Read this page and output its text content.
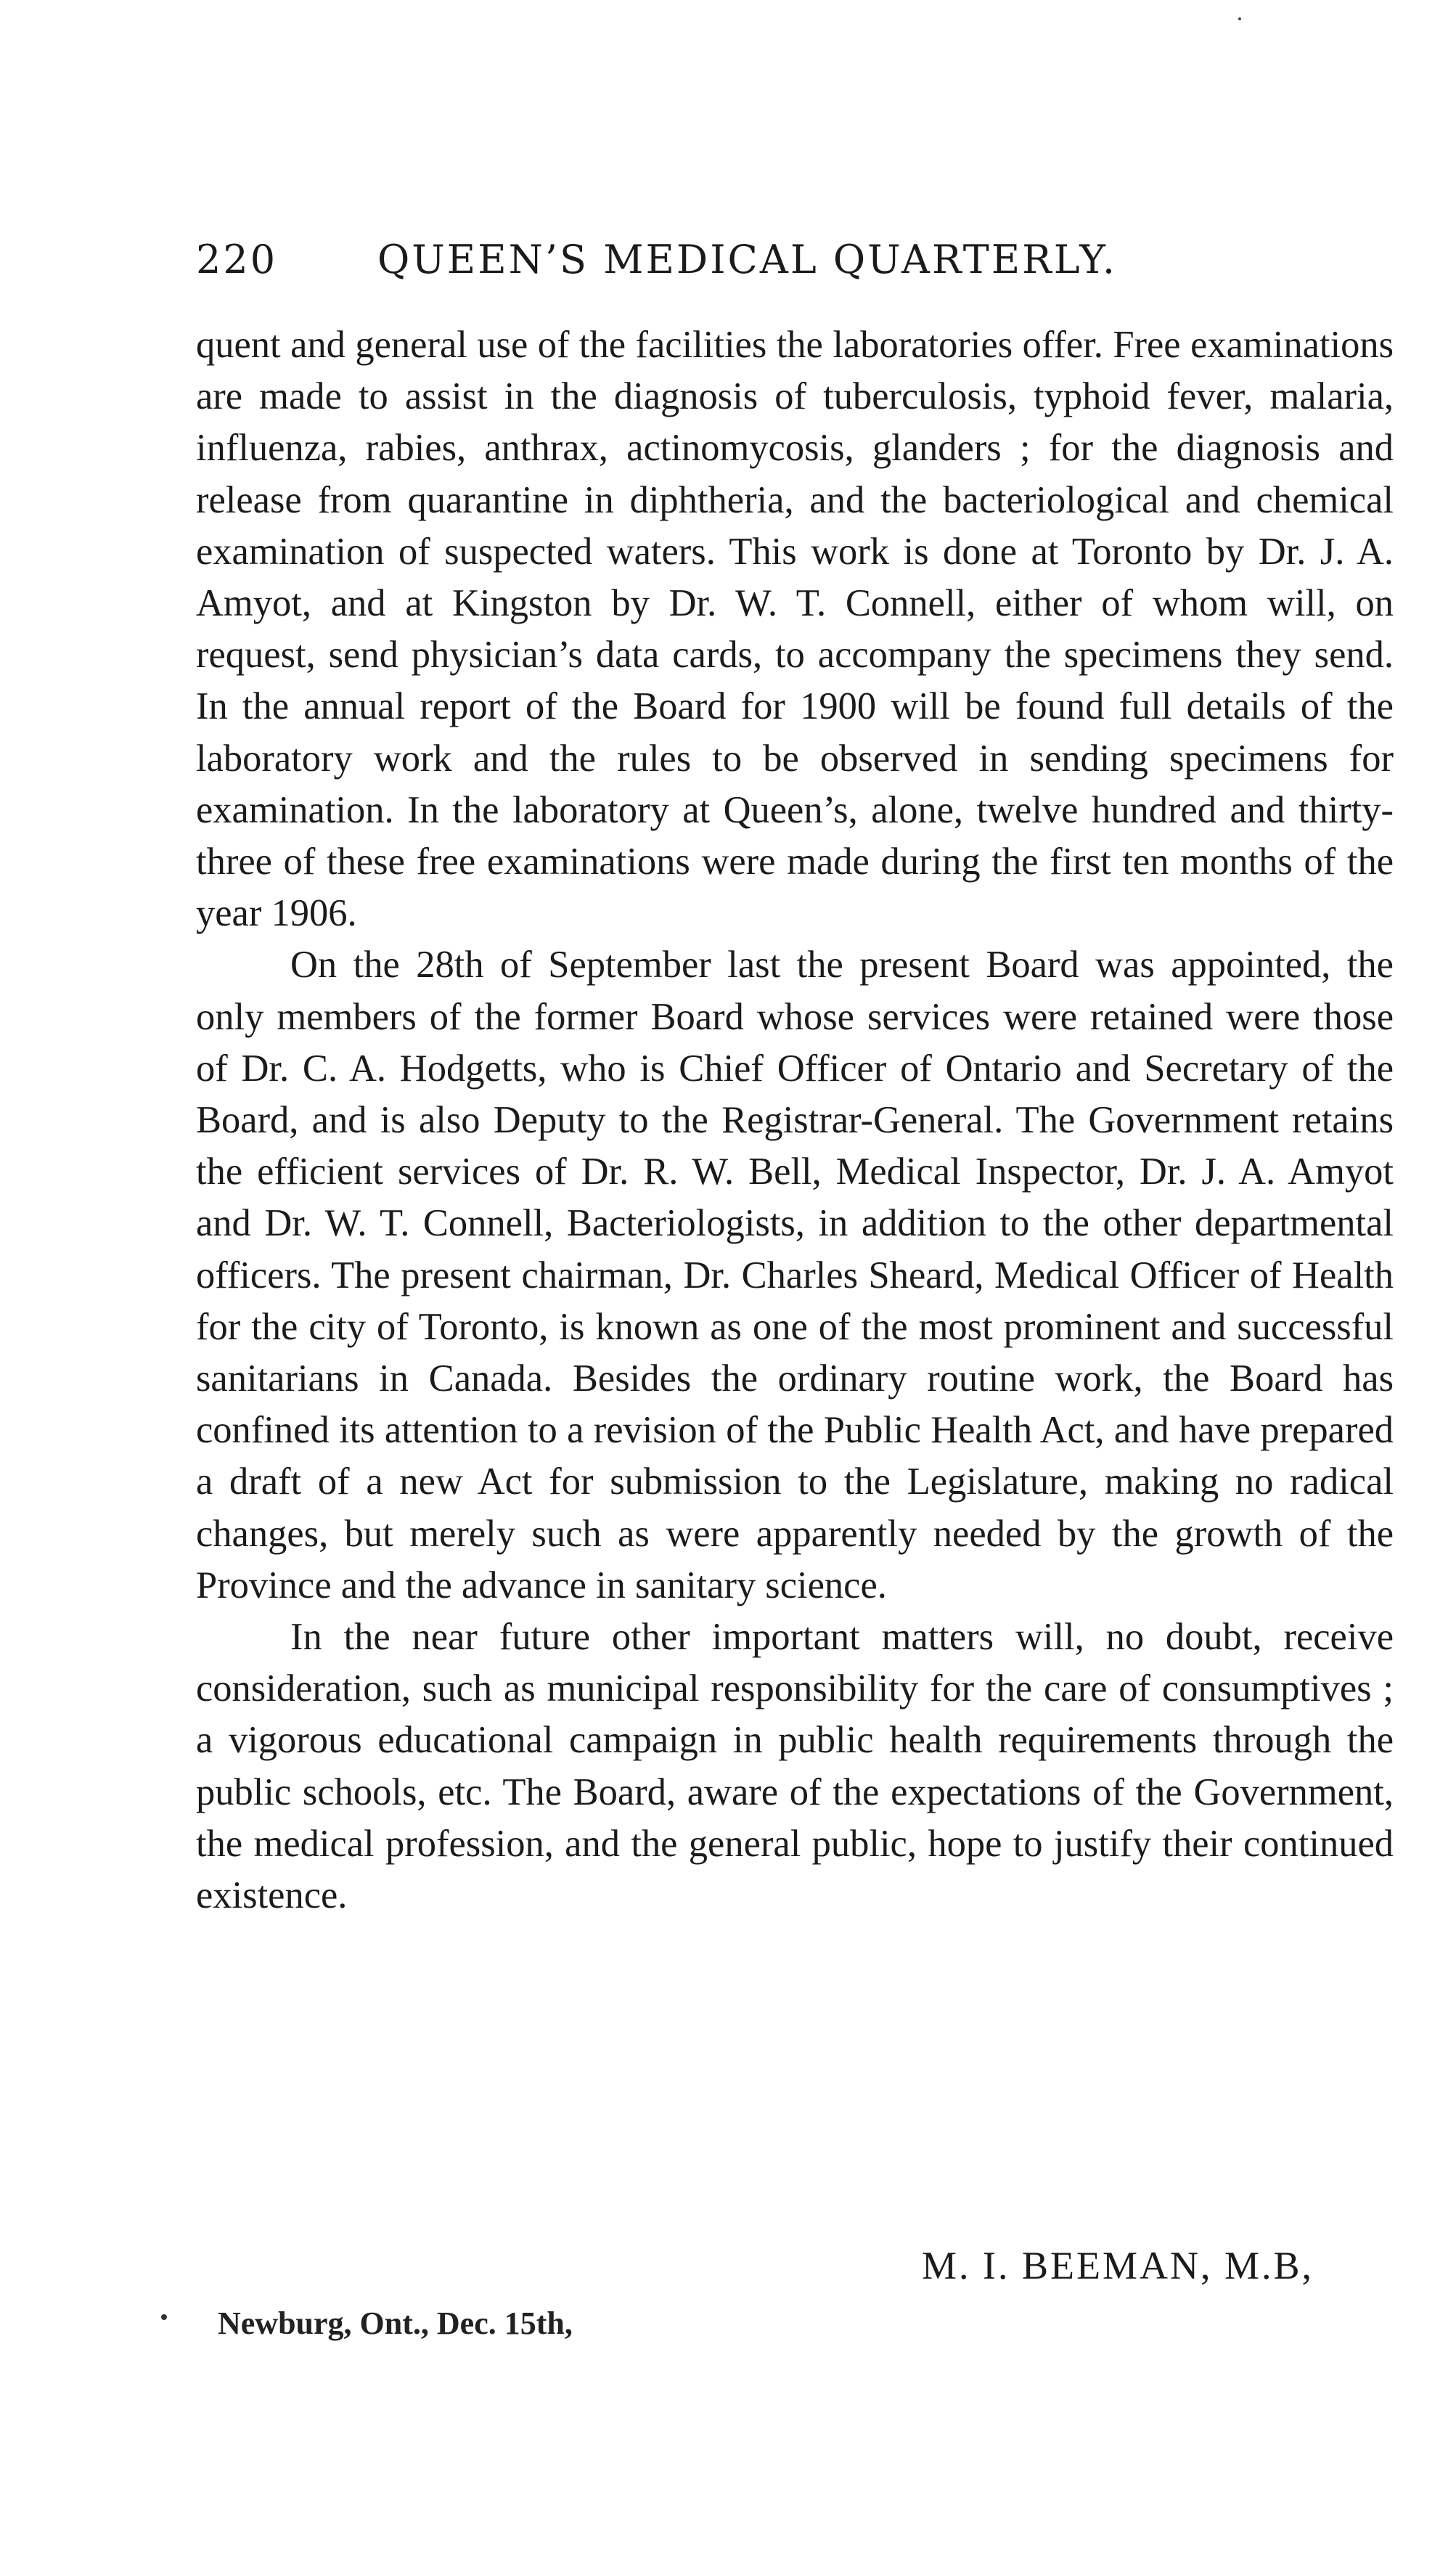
220	QUEEN’S MEDICAL QUARTERLY.

quent and general use of the facilities the laboratories offer. Free examinations are made to assist in the diagnosis of tuberculosis, typhoid fever, malaria, influenza, rabies, anthrax, actinomycosis, glanders ; for the diagnosis and release from quarantine in diphtheria, and the bacteriological and chemical examination of suspected waters. This work is done at Toronto by Dr. J. A. Amyot, and at Kingston by Dr. W. T. Connell, either of whom will, on request, send physician’s data cards, to accompany the specimens they send. In the annual report of the Board for 1900 will be found full details of the laboratory work and the rules to be observed in sending specimens for examination. In the laboratory at Queen’s, alone, twelve hundred and thirty-three of these free examinations were made during the first ten months of the year 1906.

On the 28th of September last the present Board was appointed, the only members of the former Board whose services were retained were those of Dr. C. A. Hodgetts, who is Chief Officer of Ontario and Secretary of the Board, and is also Deputy to the Registrar-General. The Government retains the efficient services of Dr. R. W. Bell, Medical Inspector, Dr. J. A. Amyot and Dr. W. T. Connell, Bacteriologists, in addition to the other departmental officers. The present chairman, Dr. Charles Sheard, Medical Officer of Health for the city of Toronto, is known as one of the most prominent and successful sanitarians in Canada. Besides the ordinary routine work, the Board has confined its attention to a revision of the Public Health Act, and have prepared a draft of a new Act for submission to the Legislature, making no radical changes, but merely such as were apparently needed by the growth of the Province and the advance in sanitary science.

In the near future other important matters will, no doubt, receive consideration, such as municipal responsibility for the care of consumptives ; a vigorous educational campaign in public health requirements through the public schools, etc. The Board, aware of the expectations of the Government, the medical profession, and the general public, hope to justify their continued existence.

M. I. BEEMAN, M.B,
Newburg, Ont., Dec. 15th,
